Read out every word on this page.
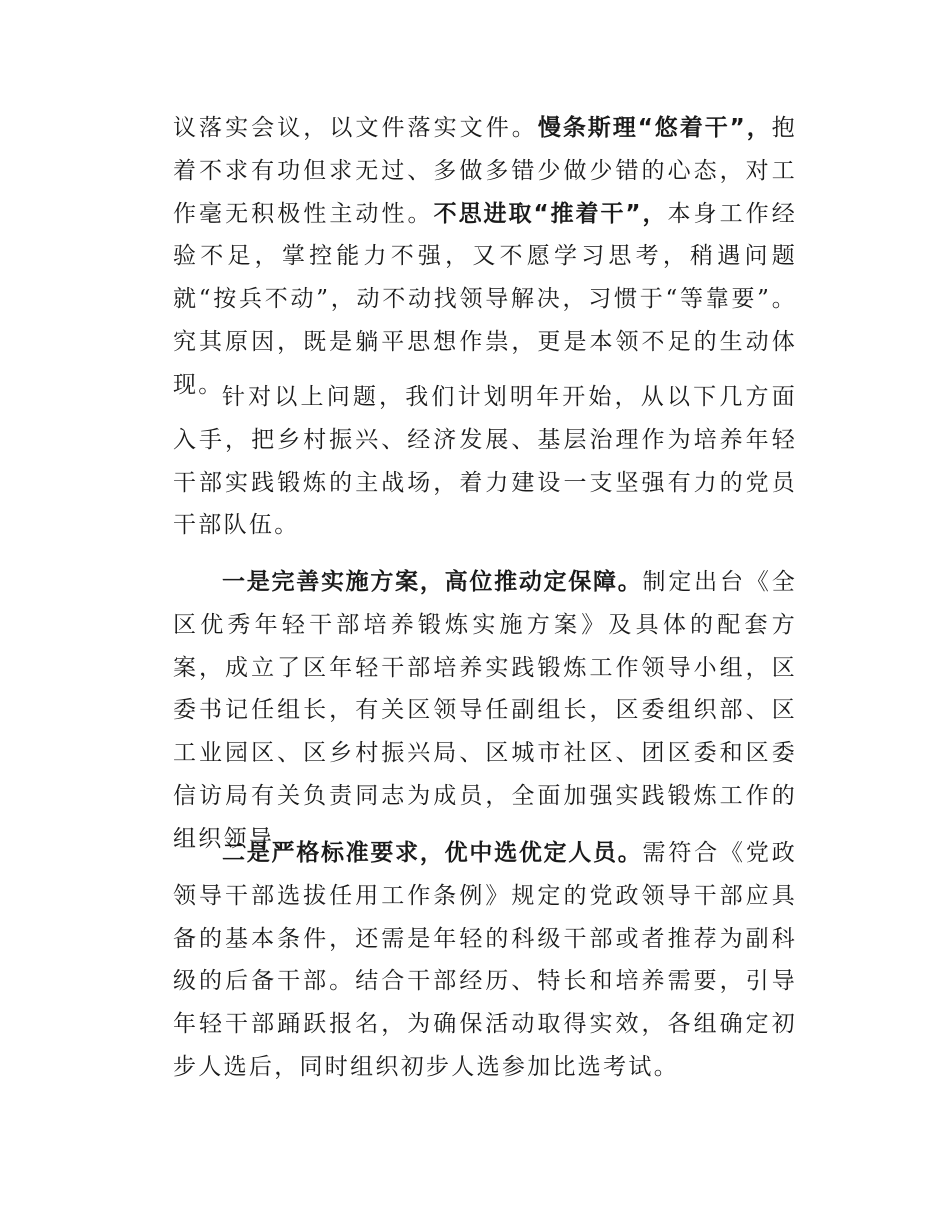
议落实会议，以文件落实文件。慢条斯理“悠着干”，抱着不求有功但求无过、多做多错少做少错的心态，对工作毫无积极性主动性。不思进取“推着干”，本身工作经验不足，掌控能力不强，又不愿学习思考，稍遇问题就“按兵不动”，动不动找领导解决，习惯于“等靠要”。究其原因，既是躺平思想作祟，更是本领不足的生动体现。

针对以上问题，我们计划明年开始，从以下几方面入手，把乡村振兴、经济发展、基层治理作为培养年轻干部实践锻炼的主战场，着力建设一支坚强有力的党员干部队伍。

一是完善实施方案，高位推动定保障。制定出台《全区优秀年轻干部培养锻炼实施方案》及具体的配套方案，成立了区年轻干部培养实践锻炼工作领导小组，区委书记任组长，有关区领导任副组长，区委组织部、区工业园区、区乡村振兴局、区城市社区、团区委和区委信访局有关负责同志为成员，全面加强实践锻炼工作的组织领导。

二是严格标准要求，优中选优定人员。需符合《党政领导干部选拔任用工作条例》规定的党政领导干部应具备的基本条件，还需是年轻的科级干部或者推荐为副科级的后备干部。结合干部经历、特长和培养需要，引导年轻干部踊跃报名，为确保活动取得实效，各组确定初步人选后，同时组织初步人选参加比选考试。
